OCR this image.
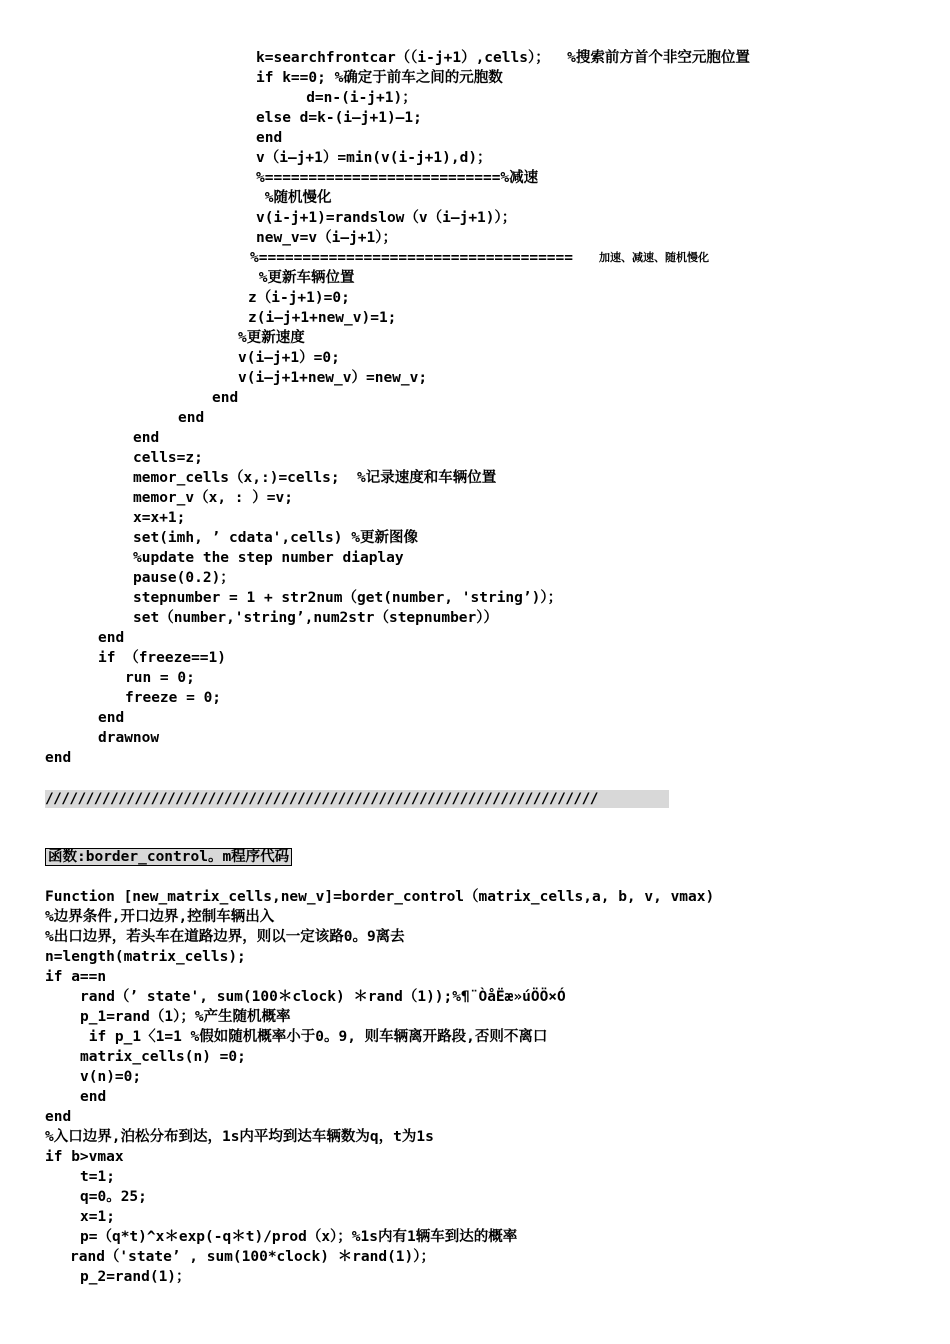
k=searchfrontcar（（i-j+1）,cells）；  %搜索前方首个非空元胞位置
if k==0; %确定于前车之间的元胞数
d=n-(i-j+1)；
else d=k-(i—j+1)—1;
end
v（i—j+1）=min(v(i-j+1),d)；
%===========================%减速
%随机慢化
v(i-j+1)=randslow（v（i—j+1)）；
new_v=v（i—j+1）；
%====================================
%更新车辆位置
z（i-j+1)=0;
z(i—j+1+new_v)=1;
%更新速度
v(i—j+1）=0;
v(i—j+1+new_v）=new_v;
end
end
end
cells=z;
memor_cells（x,:)=cells;  %记录速度和车辆位置
memor_v（x, : ）=v;
x=x+1;
set(imh, ’ cdata',cells) %更新图像
%update the step number diaplay
pause(0.2)；
stepnumber = 1 + str2num（get(number, 'string’)）；
set（number,'string’,num2str（stepnumber））
end
if （freeze==1)
run = 0;
freeze = 0;
end
drawnow
end
加速、减速、随机慢化
////////////////////////////////////////////////////////////////////
函数:border_control。m程序代码
Function [new_matrix_cells,new_v]=border_control（matrix_cells,a, b, v, vmax)
%边界条件,开口边界,控制车辆出入
%出口边界，若头车在道路边界，则以一定该路0。9离去
n=length(matrix_cells);
if a==n
rand（’ state', sum(100＊clock) ＊rand（1));%¶¨ÒåËæ»úÖÖ×Ó
p_1=rand（1）；%产生随机概率
if p_1〈1=1 %假如随机概率小于0。9, 则车辆离开路段,否则不离口
matrix_cells(n) =0;
v(n)=0;
end
end
%入口边界,泊松分布到达，1s内平均到达车辆数为q，t为1s
if b>vmax
t=1;
q=0。25;
x=1;
p=（q*t)^x＊exp(-q＊t)/prod（x）；%1s内有1辆车到达的概率
rand（'state’ , sum(100*clock) ＊rand(1)）；
p_2=rand(1)；
